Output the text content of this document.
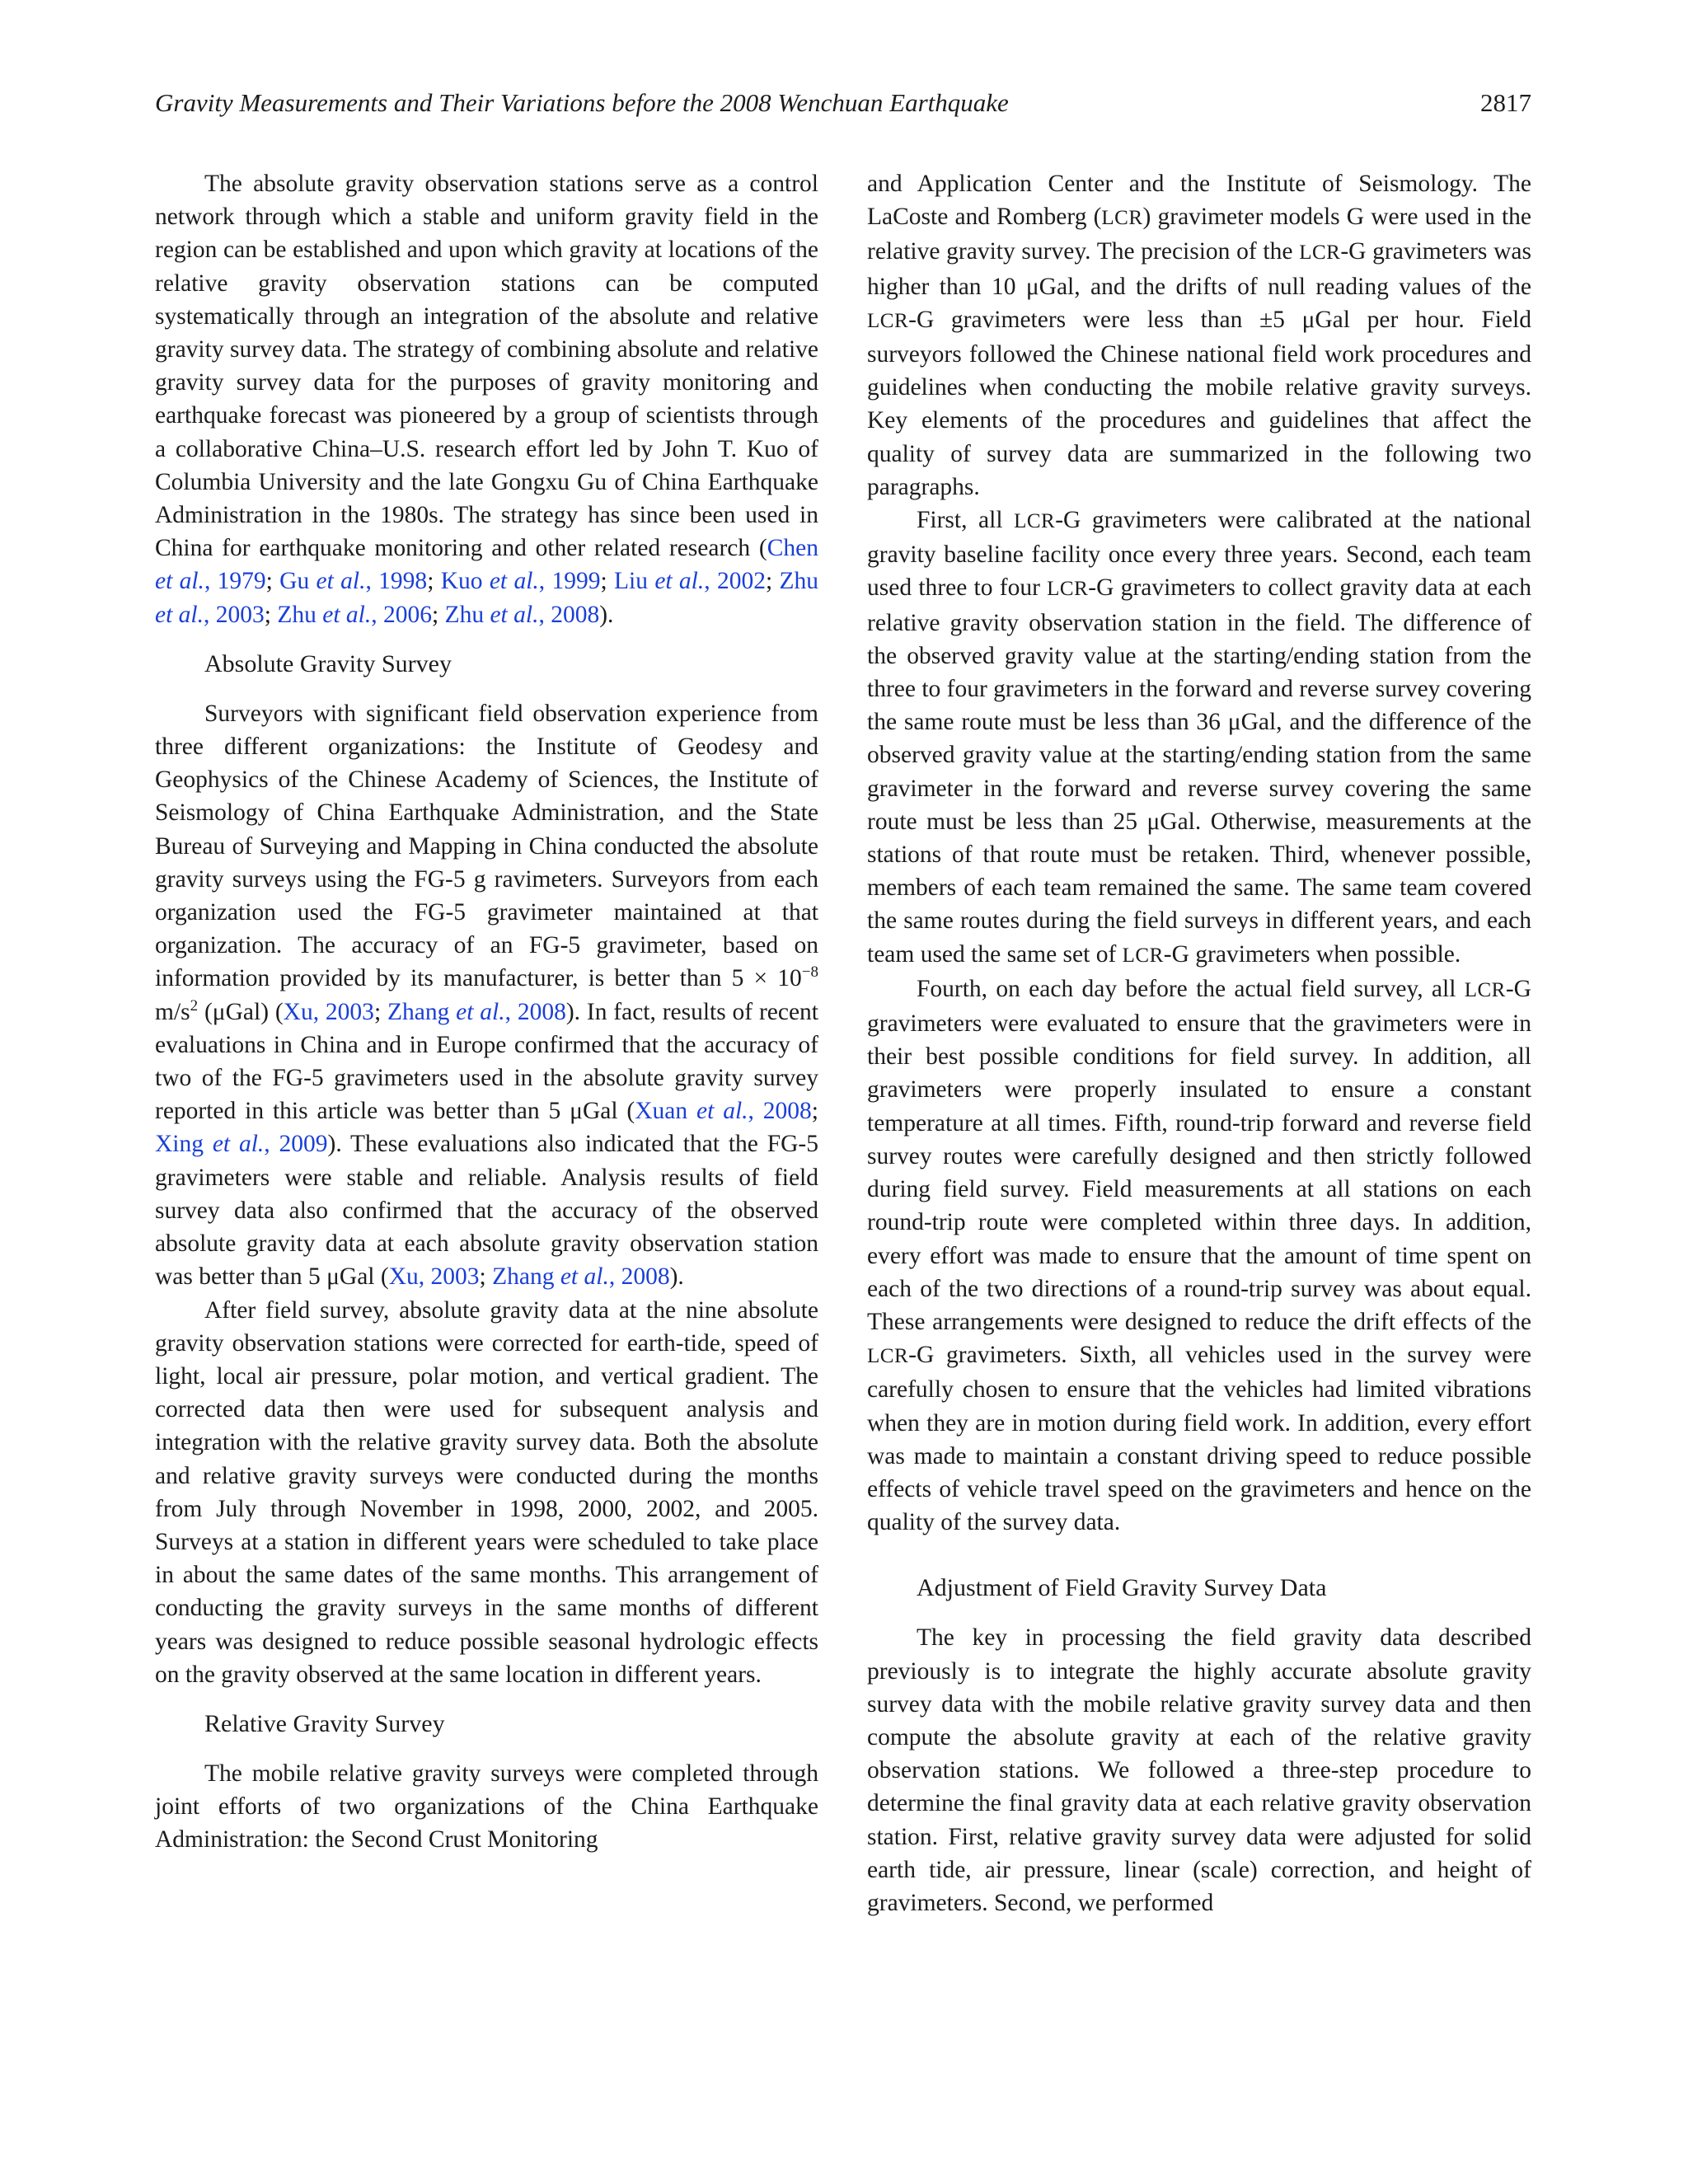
Gravity Measurements and Their Variations before the 2008 Wenchuan Earthquake	2817

The absolute gravity observation stations serve as a control network through which a stable and uniform gravity field in the region can be established and upon which gravity at locations of the relative gravity observation stations can be computed systematically through an integration of the absolute and relative gravity survey data. The strategy of combining absolute and relative gravity survey data for the purposes of gravity monitoring and earthquake forecast was pioneered by a group of scientists through a collaborative China–U.S. research effort led by John T. Kuo of Columbia University and the late Gongxu Gu of China Earthquake Administration in the 1980s. The strategy has since been used in China for earthquake monitoring and other related research (Chen et al., 1979; Gu et al., 1998; Kuo et al., 1999; Liu et al., 2002; Zhu et al., 2003; Zhu et al., 2006; Zhu et al., 2008).

Absolute Gravity Survey

Surveyors with significant field observation experience from three different organizations: the Institute of Geodesy and Geophysics of the Chinese Academy of Sciences, the Institute of Seismology of China Earthquake Administration, and the State Bureau of Surveying and Mapping in China conducted the absolute gravity surveys using the FG-5 g ravimeters. Surveyors from each organization used the FG-5 gravimeter maintained at that organization. The accuracy of an FG-5 gravimeter, based on information provided by its manufacturer, is better than $5 \times 10^{-8}$ $m/s^2$ (μGal) (Xu, 2003; Zhang et al., 2008). In fact, results of recent evaluations in China and in Europe confirmed that the accuracy of two of the FG-5 gravimeters used in the absolute gravity survey reported in this article was better than 5 μGal (Xuan et al., 2008; Xing et al., 2009). These evaluations also indicated that the FG-5 gravimeters were stable and reliable. Analysis results of field survey data also confirmed that the accuracy of the observed absolute gravity data at each absolute gravity observation station was better than 5 μGal (Xu, 2003; Zhang et al., 2008).

After field survey, absolute gravity data at the nine absolute gravity observation stations were corrected for earth-tide, speed of light, local air pressure, polar motion, and vertical gradient. The corrected data then were used for subsequent analysis and integration with the relative gravity survey data. Both the absolute and relative gravity surveys were conducted during the months from July through November in 1998, 2000, 2002, and 2005. Surveys at a station in different years were scheduled to take place in about the same dates of the same months. This arrangement of conducting the gravity surveys in the same months of different years was designed to reduce possible seasonal hydrologic effects on the gravity observed at the same location in different years.

Relative Gravity Survey

The mobile relative gravity surveys were completed through joint efforts of two organizations of the China Earthquake Administration: the Second Crust Monitoring

and Application Center and the Institute of Seismology. The LaCoste and Romberg (LCR) gravimeter models G were used in the relative gravity survey. The precision of the LCR-G gravimeters was higher than 10 μGal, and the drifts of null reading values of the LCR-G gravimeters were less than ±5 μGal per hour. Field surveyors followed the Chinese national field work procedures and guidelines when conducting the mobile relative gravity surveys. Key elements of the procedures and guidelines that affect the quality of survey data are summarized in the following two paragraphs.

First, all LCR-G gravimeters were calibrated at the national gravity baseline facility once every three years. Second, each team used three to four LCR-G gravimeters to collect gravity data at each relative gravity observation station in the field. The difference of the observed gravity value at the starting/ending station from the three to four gravimeters in the forward and reverse survey covering the same route must be less than 36 μGal, and the difference of the observed gravity value at the starting/ending station from the same gravimeter in the forward and reverse survey covering the same route must be less than 25 μGal. Otherwise, measurements at the stations of that route must be retaken. Third, whenever possible, members of each team remained the same. The same team covered the same routes during the field surveys in different years, and each team used the same set of LCR-G gravimeters when possible.

Fourth, on each day before the actual field survey, all LCR-G gravimeters were evaluated to ensure that the gravimeters were in their best possible conditions for field survey. In addition, all gravimeters were properly insulated to ensure a constant temperature at all times. Fifth, round-trip forward and reverse field survey routes were carefully designed and then strictly followed during field survey. Field measurements at all stations on each round-trip route were completed within three days. In addition, every effort was made to ensure that the amount of time spent on each of the two directions of a round-trip survey was about equal. These arrangements were designed to reduce the drift effects of the LCR-G gravimeters. Sixth, all vehicles used in the survey were carefully chosen to ensure that the vehicles had limited vibrations when they are in motion during field work. In addition, every effort was made to maintain a constant driving speed to reduce possible effects of vehicle travel speed on the gravimeters and hence on the quality of the survey data.

Adjustment of Field Gravity Survey Data

The key in processing the field gravity data described previously is to integrate the highly accurate absolute gravity survey data with the mobile relative gravity survey data and then compute the absolute gravity at each of the relative gravity observation stations. We followed a three-step procedure to determine the final gravity data at each relative gravity observation station. First, relative gravity survey data were adjusted for solid earth tide, air pressure, linear (scale) correction, and height of gravimeters. Second, we performed
